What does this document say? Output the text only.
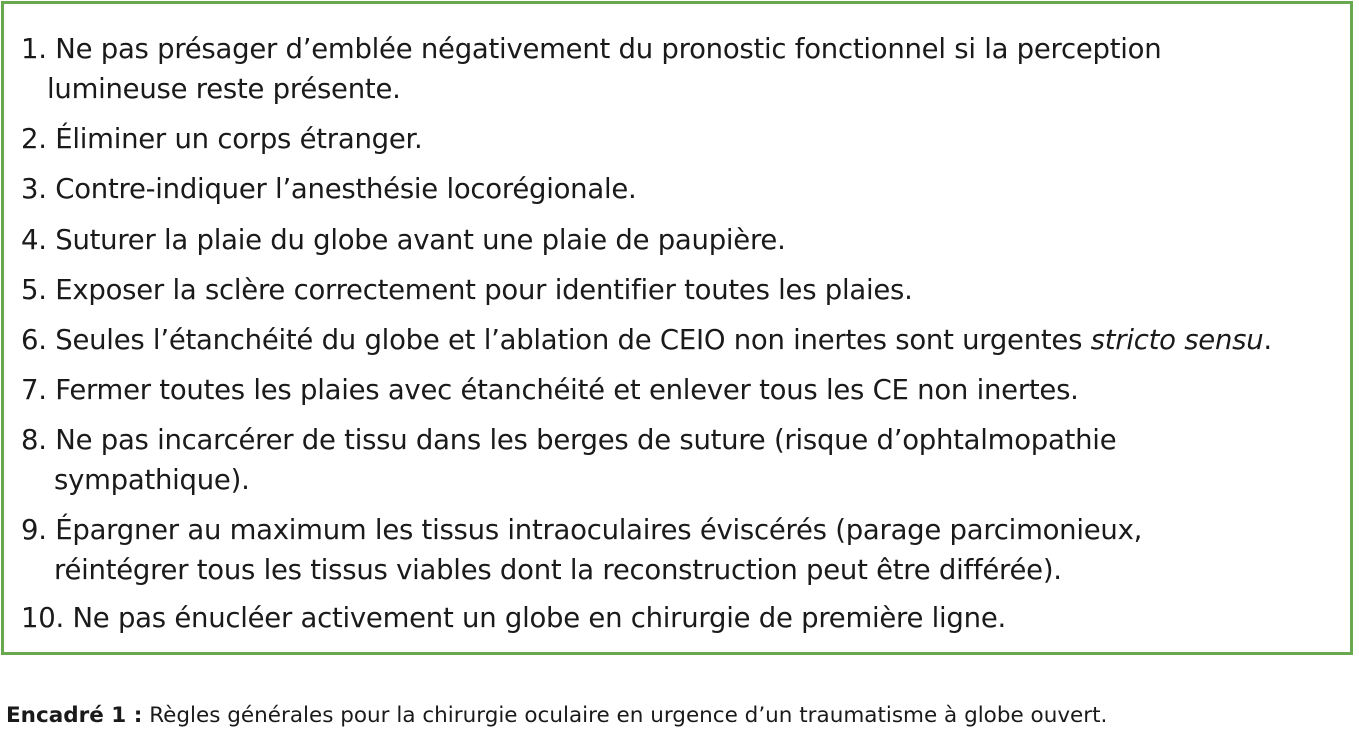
1. Ne pas présager d’emblée négativement du pronostic fonctionnel si la perception
lumineuse reste présente.
2. Éliminer un corps étranger.
3. Contre-indiquer l’anesthésie locorégionale.
4. Suturer la plaie du globe avant une plaie de paupière.
5. Exposer la sclère correctement pour identifier toutes les plaies.
6. Seules l’étanchéité du globe et l’ablation de CEIO non inertes sont urgentes stricto sensu.
7. Fermer toutes les plaies avec étanchéité et enlever tous les CE non inertes.
8. Ne pas incarcérer de tissu dans les berges de suture (risque d’ophtalmopathie
sympathique).
9. Épargner au maximum les tissus intraoculaires éviscérés (parage parcimonieux,
réintégrer tous les tissus viables dont la reconstruction peut être différée).
10. Ne pas énucléer activement un globe en chirurgie de première ligne.

Encadré 1 : Règles générales pour la chirurgie oculaire en urgence d’un traumatisme à globe ouvert.
